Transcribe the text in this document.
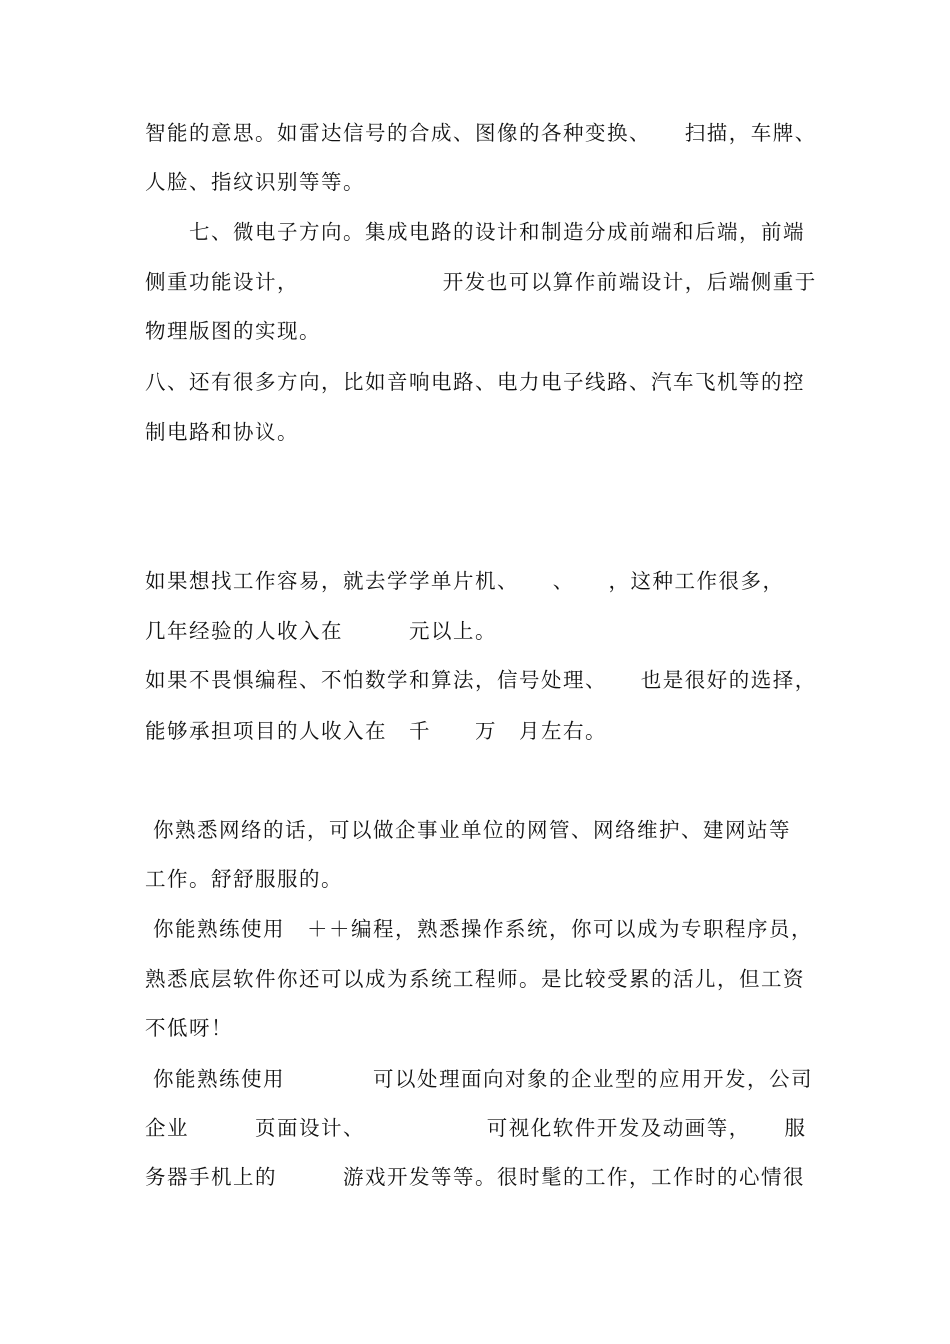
智能的意思。如雷达信号的合成、图像的各种变换、　　扫描，车牌、
人脸、指纹识别等等。
　　七、微电子方向。集成电路的设计和制造分成前端和后端，前端
侧重功能设计，　　　　　　　开发也可以算作前端设计，后端侧重于
物理版图的实现。
八、还有很多方向，比如音响电路、电力电子线路、汽车飞机等的控
制电路和协议。
如果想找工作容易，就去学学单片机、　　、　　，这种工作很多，
几年经验的人收入在　　　元以上。
如果不畏惧编程、不怕数学和算法，信号处理、　　也是很好的选择，
能够承担项目的人收入在　千　　万　月左右。
你熟悉网络的话，可以做企事业单位的网管、网络维护、建网站等
工作。舒舒服服的。
你能熟练使用　＋＋编程，熟悉操作系统，你可以成为专职程序员，
熟悉底层软件你还可以成为系统工程师。是比较受累的活儿，但工资
不低呀！
你能熟练使用　　　　可以处理面向对象的企业型的应用开发，公司
企业　　　页面设计、　　　　　　可视化软件开发及动画等，　　服
务器手机上的　　　游戏开发等等。很时髦的工作，工作时的心情很
